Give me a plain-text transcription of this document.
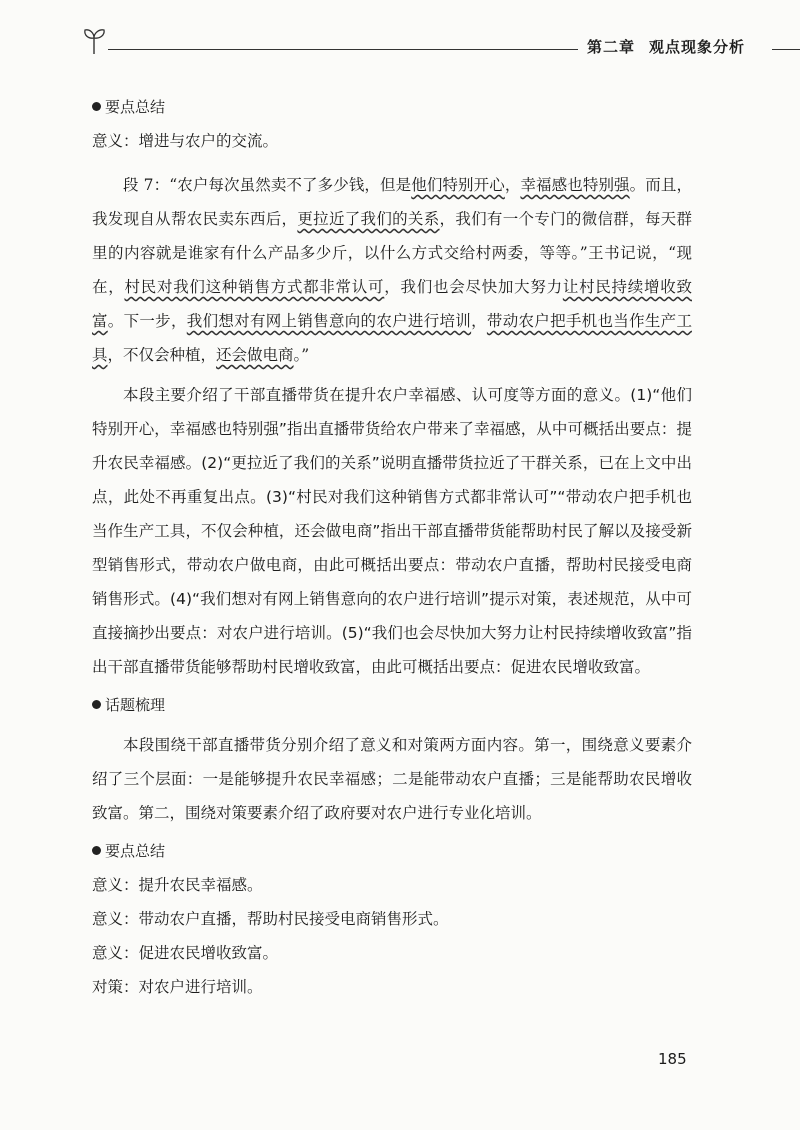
第二章 观点现象分析
要点总结
意义：增进与农户的交流。

段 7：“农户每次虽然卖不了多少钱，但是他们特别开心，幸福感也特别强。而且，我发现自从帮农民卖东西后，更拉近了我们的关系，我们有一个专门的微信群，每天群里的内容就是谁家有什么产品多少斤，以什么方式交给村两委，等等。”王书记说，“现在，村民对我们这种销售方式都非常认可，我们也会尽快加大努力让村民持续增收致富。下一步，我们想对有网上销售意向的农户进行培训，带动农户把手机也当作生产工具，不仅会种植，还会做电商。”

本段主要介绍了干部直播带货在提升农户幸福感、认可度等方面的意义。(1)“他们特别开心，幸福感也特别强”指出直播带货给农户带来了幸福感，从中可概括出要点：提升农民幸福感。(2)“更拉近了我们的关系”说明直播带货拉近了干群关系，已在上文中出点，此处不再重复出点。(3)“村民对我们这种销售方式都非常认可”“带动农户把手机也当作生产工具，不仅会种植，还会做电商”指出干部直播带货能帮助村民了解以及接受新型销售形式，带动农户做电商，由此可概括出要点：带动农户直播，帮助村民接受电商销售形式。(4)“我们想对有网上销售意向的农户进行培训”提示对策，表述规范，从中可直接摘抄出要点：对农户进行培训。(5)“我们也会尽快加大努力让村民持续增收致富”指出干部直播带货能够帮助村民增收致富，由此可概括出要点：促进农民增收致富。

话题梳理

本段围绕干部直播带货分别介绍了意义和对策两方面内容。第一，围绕意义要素介绍了三个层面：一是能够提升农民幸福感；二是能带动农户直播；三是能帮助农民增收致富。第二，围绕对策要素介绍了政府要对农户进行专业化培训。

要点总结
意义：提升农民幸福感。
意义：带动农户直播，帮助村民接受电商销售形式。
意义：促进农民增收致富。
对策：对农户进行培训。
185
